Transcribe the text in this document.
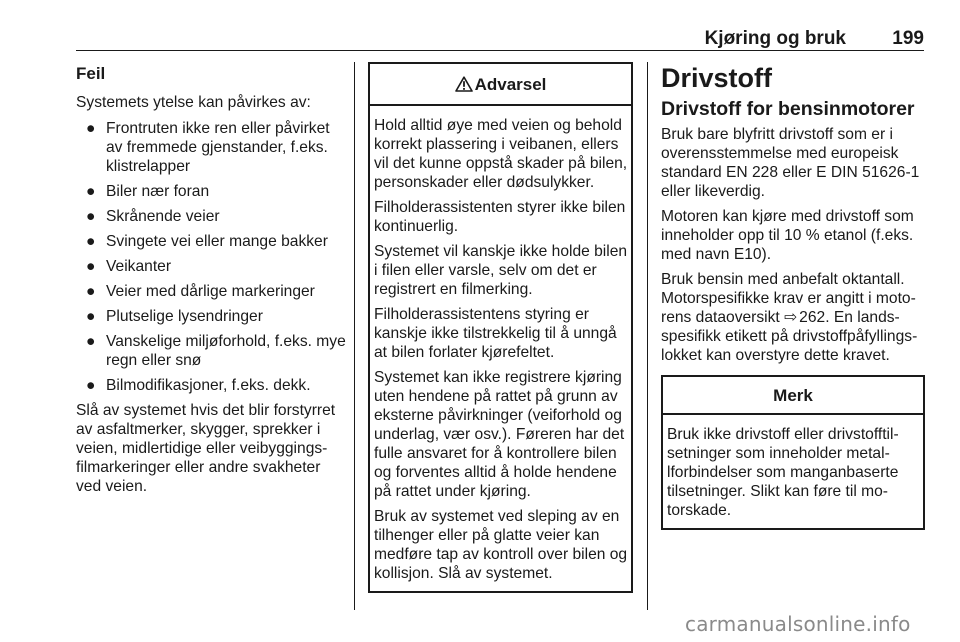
Kjøring og bruk 199
Feil

Systemets ytelse kan påvirkes av:

● Frontruten ikke ren eller påvirket av fremmede gjenstander, f.eks. klistrelapper
● Biler nær foran
● Skrånende veier
● Svingete vei eller mange bakker
● Veikanter
● Veier med dårlige markeringer
● Plutselige lysendringer
● Vanskelige miljøforhold, f.eks. mye regn eller snø
● Bilmodifikasjoner, f.eks. dekk.

Slå av systemet hvis det blir forstyrret av asfaltmerker, skygger, sprekker i veien, midlertidige eller veibyggingsfilmarkeringer eller andre svakheter ved veien.

Advarsel

Hold alltid øye med veien og behold korrekt plassering i veibanen, ellers vil det kunne oppstå skader på bilen, personskader eller dødsulykker.

Filholderassistenten styrer ikke bilen kontinuerlig.

Systemet vil kanskje ikke holde bilen i filen eller varsle, selv om det er registrert en filmerking.

Filholderassistentens styring er kanskje ikke tilstrekkelig til å unngå at bilen forlater kjørefeltet.

Systemet kan ikke registrere kjøring uten hendene på rattet på grunn av eksterne påvirkninger (veiforhold og underlag, vær osv.). Føreren har det fulle ansvaret for å kontrollere bilen og forventes alltid å holde hendene på rattet under kjøring.

Bruk av systemet ved sleping av en tilhenger eller på glatte veier kan medføre tap av kontroll over bilen og kollisjon. Slå av systemet.

Drivstoff
Drivstoff for bensinmotorer

Bruk bare blyfritt drivstoff som er i overensstemmelse med europeisk standard EN 228 eller E DIN 51626-1 eller likeverdig.

Motoren kan kjøre med drivstoff som inneholder opp til 10 % etanol (f.eks. med navn E10).

Bruk bensin med anbefalt oktantall. Motorspesifikke krav er angitt i motorens dataoversikt ⇨ 262. En landsspesifikk etikett på drivstoffpåfyllingslokket kan overstyre dette kravet.

Merk

Bruk ikke drivstoff eller drivstofftilsetninger som inneholder metallforbindelser som manganbaserte tilsetninger. Slikt kan føre til motorskade.

carmanualsonline.info
